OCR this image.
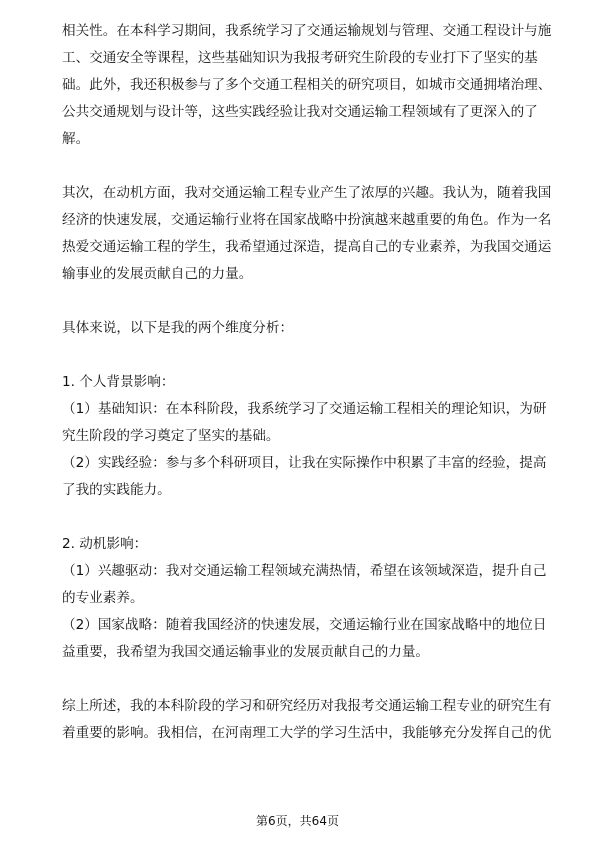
相关性。在本科学习期间，我系统学习了交通运输规划与管理、交通工程设计与施
工、交通安全等课程，这些基础知识为我报考研究生阶段的专业打下了坚实的基
础。此外，我还积极参与了多个交通工程相关的研究项目，如城市交通拥堵治理、
公共交通规划与设计等，这些实践经验让我对交通运输工程领域有了更深入的了
解。

其次，在动机方面，我对交通运输工程专业产生了浓厚的兴趣。我认为，随着我国
经济的快速发展，交通运输行业将在国家战略中扮演越来越重要的角色。作为一名
热爱交通运输工程的学生，我希望通过深造，提高自己的专业素养，为我国交通运
输事业的发展贡献自己的力量。

具体来说，以下是我的两个维度分析：

1. 个人背景影响：
（1）基础知识：在本科阶段，我系统学习了交通运输工程相关的理论知识，为研
究生阶段的学习奠定了坚实的基础。
（2）实践经验：参与多个科研项目，让我在实际操作中积累了丰富的经验，提高
了我的实践能力。

2. 动机影响：
（1）兴趣驱动：我对交通运输工程领域充满热情，希望在该领域深造，提升自己
的专业素养。
（2）国家战略：随着我国经济的快速发展，交通运输行业在国家战略中的地位日
益重要，我希望为我国交通运输事业的发展贡献自己的力量。

综上所述，我的本科阶段的学习和研究经历对我报考交通运输工程专业的研究生有
着重要的影响。我相信，在河南理工大学的学习生活中，我能够充分发挥自己的优

第6页，共64页
